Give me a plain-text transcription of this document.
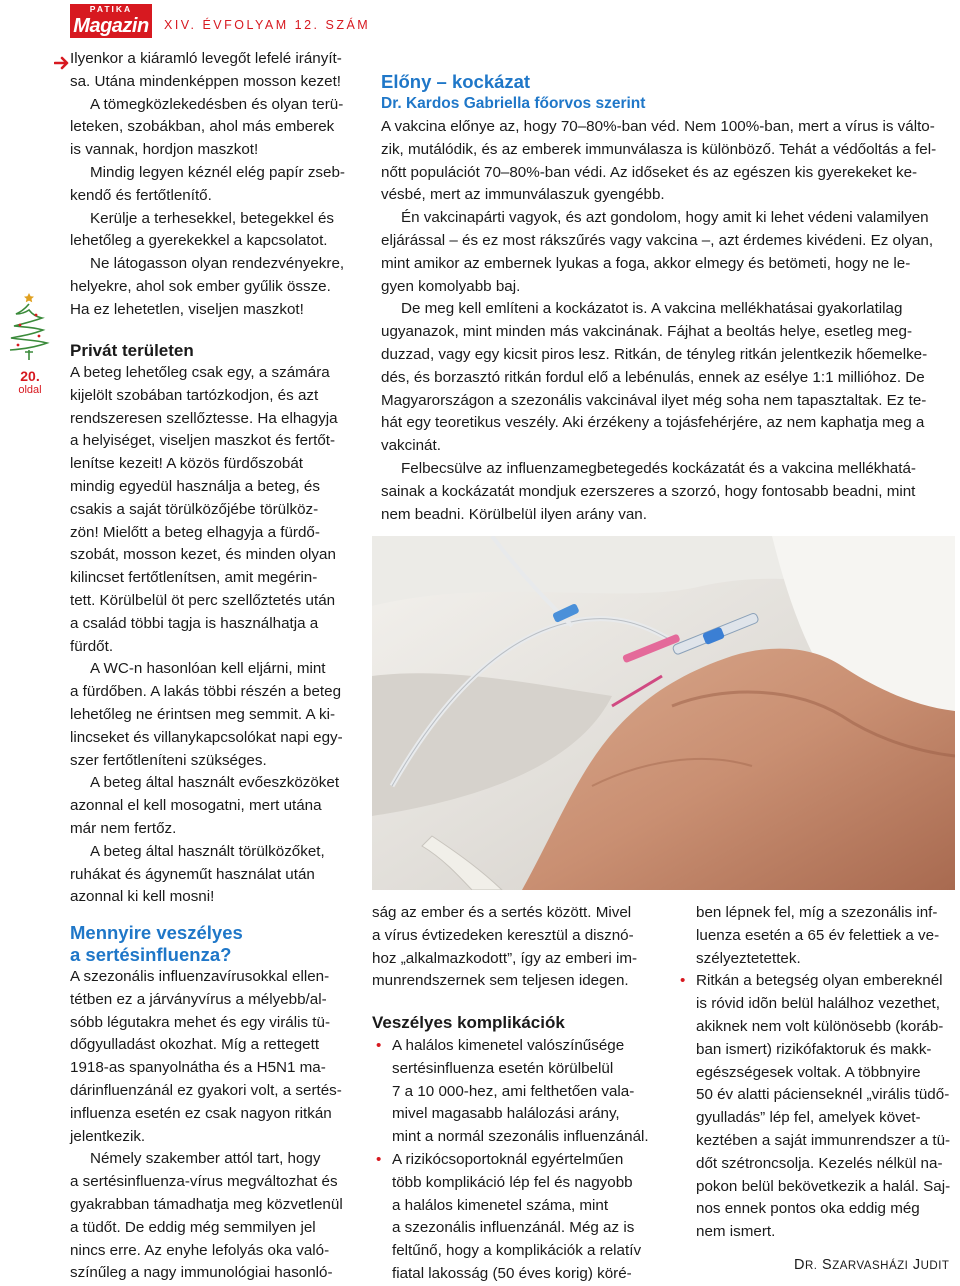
PATIKA
Magazin XIV. ÉVFOLYAM 12. SZÁM
20.
oldal

Ilyenkor a kiáramló levegőt lefelé irányít-

sa. Utána mindenképpen mosson kezet!

A tömegközlekedésben és olyan terü-

leteken, szobákban, ahol más emberek

is vannak, hordjon maszkot!

Mindig legyen kéznél elég papír zseb-

kendő és fertőtlenítő.

Kerülje a terhesekkel, betegekkel és

lehetőleg a gyerekekkel a kapcsolatot.

Ne látogasson olyan rendezvényekre,

helyekre, ahol sok ember gyűlik össze.

Ha ez lehetetlen, viseljen maszkot!

Privát területen

A beteg lehetőleg csak egy, a számára

kijelölt szobában tartózkodjon, és azt

rendszeresen szellőztesse. Ha elhagyja

a helyiséget, viseljen maszkot és fertőt-

lenítse kezeit! A közös fürdőszobát

mindig egyedül használja a beteg, és

csakis a saját törülközőjébe törülköz-

zön! Mielőtt a beteg elhagyja a fürdő-

szobát, mosson kezet, és minden olyan

kilincset fertőtlenítsen, amit megérin-

tett. Körülbelül öt perc szellőztetés után

a család többi tagja is használhatja a

fürdőt.

A WC-n hasonlóan kell eljárni, mint

a fürdőben. A lakás többi részén a beteg

lehetőleg ne érintsen meg semmit. A ki-

lincseket és villanykapcsolókat napi egy-

szer fertőtleníteni szükséges.

A beteg által használt evőeszközöket

azonnal el kell mosogatni, mert utána

már nem fertőz.

A beteg által használt törülközőket,

ruhákat és ágyneműt használat után

azonnal ki kell mosni!

Mennyire veszélyes
a sertésinfluenza?

A szezonális influenzavírusokkal ellen-

tétben ez a járványvírus a mélyebb/al-

sóbb légutakra mehet és egy virális tü-

dőgyulladást okozhat. Míg a rettegett

1918-as spanyolnátha és a H5N1 ma-

dárinfluenzánál ez gyakori volt, a sertés-

influenza esetén ez csak nagyon ritkán

jelentkezik.

Némely szakember attól tart, hogy

a sertésinfluenza-vírus megváltozhat és

gyakrabban támadhatja meg közvetlenül

a tüdőt. De eddig még semmilyen jel

nincs erre. Az enyhe lefolyás oka való-

színűleg a nagy immunológiai hasonló-

Előny – kockázat
Dr. Kardos Gabriella főorvos szerint

A vakcina előnye az, hogy 70–80%-ban véd. Nem 100%-ban, mert a vírus is válto-

zik, mutálódik, és az emberek immunválasza is különböző. Tehát a védőoltás a fel-

nőtt populációt 70–80%-ban védi. Az időseket és az egészen kis gyerekeket ke-

vésbé, mert az immunválaszuk gyengébb.

Én vakcinapárti vagyok, és azt gondolom, hogy amit ki lehet védeni valamilyen

eljárással – és ez most rákszűrés vagy vakcina –, azt érdemes kivédeni. Ez olyan,

mint amikor az embernek lyukas a foga, akkor elmegy és betömeti, hogy ne le-

gyen komolyabb baj.

De meg kell említeni a kockázatot is. A vakcina mellékhatásai gyakorlatilag

ugyanazok, mint minden más vakcinának. Fájhat a beoltás helye, esetleg meg-

duzzad, vagy egy kicsit piros lesz. Ritkán, de tényleg ritkán jelentkezik hőemelke-

dés, és borzasztó ritkán fordul elő a lebénulás, ennek az esélye 1:1 millióhoz. De

Magyarországon a szezonális vakcinával ilyet még soha nem tapasztaltak. Ez te-

hát egy teoretikus veszély. Aki érzékeny a tojásfehérjére, az nem kaphatja meg a

vakcinát.

Felbecsülve az influenzamegbetegedés kockázatát és a vakcina mellékhatá-

sainak a kockázatát mondjuk ezerszeres a szorzó, hogy fontosabb beadni, mint

nem beadni. Körülbelül ilyen arány van.

ság az ember és a sertés között. Mivel

a vírus évtizedeken keresztül a disznó-

hoz „alkalmazkodott”, így az emberi im-

munrendszernek sem teljesen idegen.

Veszélyes komplikációk
• A halálos kimenetel valószínűsége
sertésinfluenza esetén körülbelül
7 a 10 000-hez, ami felthetően vala-
mivel magasabb halálozási arány,
mint a normál szezonális influenzánál.
• A rizikócsoportoknál egyértelműen
több komplikáció lép fel és nagyobb
a halálos kimenetel száma, mint
a szezonális influenzánál. Még az is
feltűnő, hogy a komplikációk a relatív
fiatal lakosság (50 éves korig) köré-
ben lépnek fel, míg a szezonális inf-
luenza esetén a 65 év felettiek a ve-
szélyeztetettek.
• Ritkán a betegség olyan embereknél
is róvid idõn belül halálhoz vezethet,
akiknek nem volt különösebb (koráb-
ban ismert) rizikófaktoruk és makk-
egészségesek voltak. A többnyire
50 év alatti pácienseknél „virális tüdő-
gyulladás” lép fel, amelyek követ-
keztében a saját immunrendszer a tü-
dőt szétroncsolja. Kezelés nélkül na-
pokon belül bekövetkezik a halál. Saj-
nos ennek pontos oka eddig még
nem ismert.
DR. SZARVASHÁZI JUDIT
